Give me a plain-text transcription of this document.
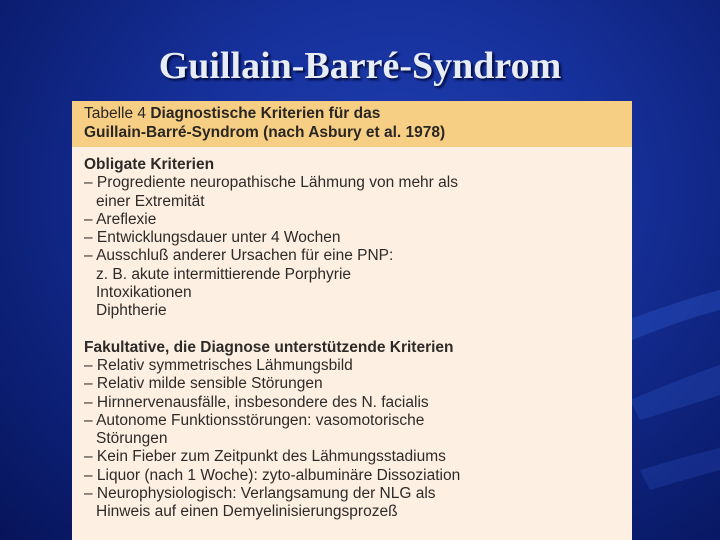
Guillain-Barré-Syndrom
Tabelle 4 Diagnostische Kriterien für das
Guillain-Barré-Syndrom (nach Asbury et al. 1978)
Obligate Kriterien
– Progrediente neuropathische Lähmung von mehr als
einer Extremität
– Areflexie
– Entwicklungsdauer unter 4 Wochen
– Ausschluß anderer Ursachen für eine PNP:
z. B. akute intermittierende Porphyrie
Intoxikationen
Diphtherie
Fakultative, die Diagnose unterstützende Kriterien
– Relativ symmetrisches Lähmungsbild
– Relativ milde sensible Störungen
– Hirnnervenausfälle, insbesondere des N. facialis
– Autonome Funktionsstörungen: vasomotorische
Störungen
– Kein Fieber zum Zeitpunkt des Lähmungsstadiums
– Liquor (nach 1 Woche): zyto-albuminäre Dissoziation
– Neurophysiologisch: Verlangsamung der NLG als
Hinweis auf einen Demyelinisierungsprozeß
